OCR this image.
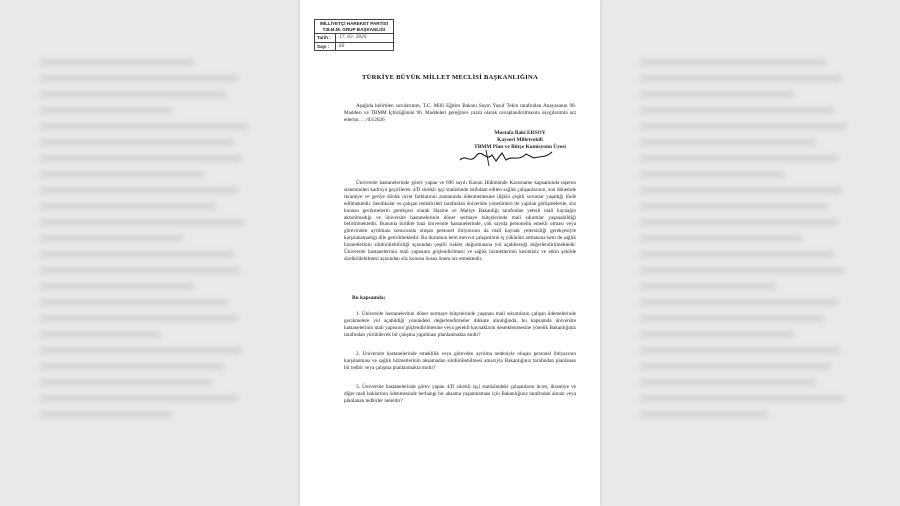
MİLLİYETÇİ HAREKET PARTİSİ
T.B.M.M. GRUP BAŞKANLIĞI
Tarih :	17.03.2026
Sayı :	88
TÜRKİYE BÜYÜK MİLLET MECLİSİ BAŞKANLIĞINA
Aşağıda belirtilen sorularımın, T.C. Millî Eğitim Bakanı Sayın Yusuf Tekin tarafından Anayasanın 98. Maddesi ve TBMM İçtüzüğünün 96. Maddeleri gereğince yazılı olarak cevaplandırılmasını saygılarımla arz ederim. …/03/2026
Mustafa Baki ERSOY
Kayseri Milletvekili
TBMM Plan ve Bütçe Komisyonu Üyesi
Üniversite hastanelerinde görev yapan ve 696 sayılı Kanun Hükmünde Kararname kapsamında taşeron sisteminden kadroya geçirilerek 4/D sürekli işçi statüsünde istihdam edilen sağlık çalışanlarının, son dönemde ikramiye ve geriye dönük ücret farklarının zamanında ödenmemesine ilişkin çeşitli sorunlar yaşadığı ifade edilmektedir. Sendikalar ve çalışan temsilcileri tarafından üniversite yönetimleri ile yapılan görüşmelerde, söz konusu gecikmelerin gerekçesi olarak Hazine ve Maliye Bakanlığı tarafından yeterli mali kaynağın aktarılmadığı ve üniversite hastanelerinin döner sermaye bütçelerinde mali sıkıntılar yaşanabildiği belirtilmektedir. Bununla birlikte bazı üniversite hastanelerinde, çok sayıda personelin emekli olması veya görevinden ayrılması sonucunda oluşan personel ihtiyacının da mali kaynak yetersizliği gerekçesiyle karşılanamadığı dile getirilmektedir. Bu durumun hem mevcut çalışanların iş yükünün artmasına hem de sağlık hizmetlerinin sürdürülebilirliği açısından çeşitli riskler doğurmasına yol açabileceği değerlendirilmektedir. Üniversite hastanelerinin mali yapısının güçlendirilmesi ve sağlık hizmetlerinin kesintisiz ve etkin şekilde sürdürülebilmesi açısından söz konusu husus önem arz etmektedir.
Bu kapsamda;
1. Üniversite hastanelerinin döner sermaye bütçelerinde yaşanan mali sıkıntıların çalışan ödemelerinde gecikmelere yol açabildiği yönündeki değerlendirmeler dikkate alındığında, bu kapsamda üniversite hastanelerinin mali yapısının güçlendirilmesine veya gerekli kaynakların desteklenmesine yönelik Bakanlığınız tarafından yürütülecek bir çalışma yapılması planlanmakta mıdır?
2. Üniversite hastanelerinde emeklilik veya görevden ayrılma nedeniyle oluşan personel ihtiyacının karşılanması ve sağlık hizmetlerinin aksamadan sürdürülebilmesi amacıyla Bakanlığınız tarafından planlanan bir tedbir veya çalışma planlanmakta mıdır?
3. Üniversite hastanelerinde görev yapan 4/D sürekli işçi statüsündeki çalışanların ücret, ikramiye ve diğer mali haklarının ödenmesinde herhangi bir aksama yaşanmaması için Bakanlığınız tarafından alınan veya planlanan tedbirler nelerdir?
